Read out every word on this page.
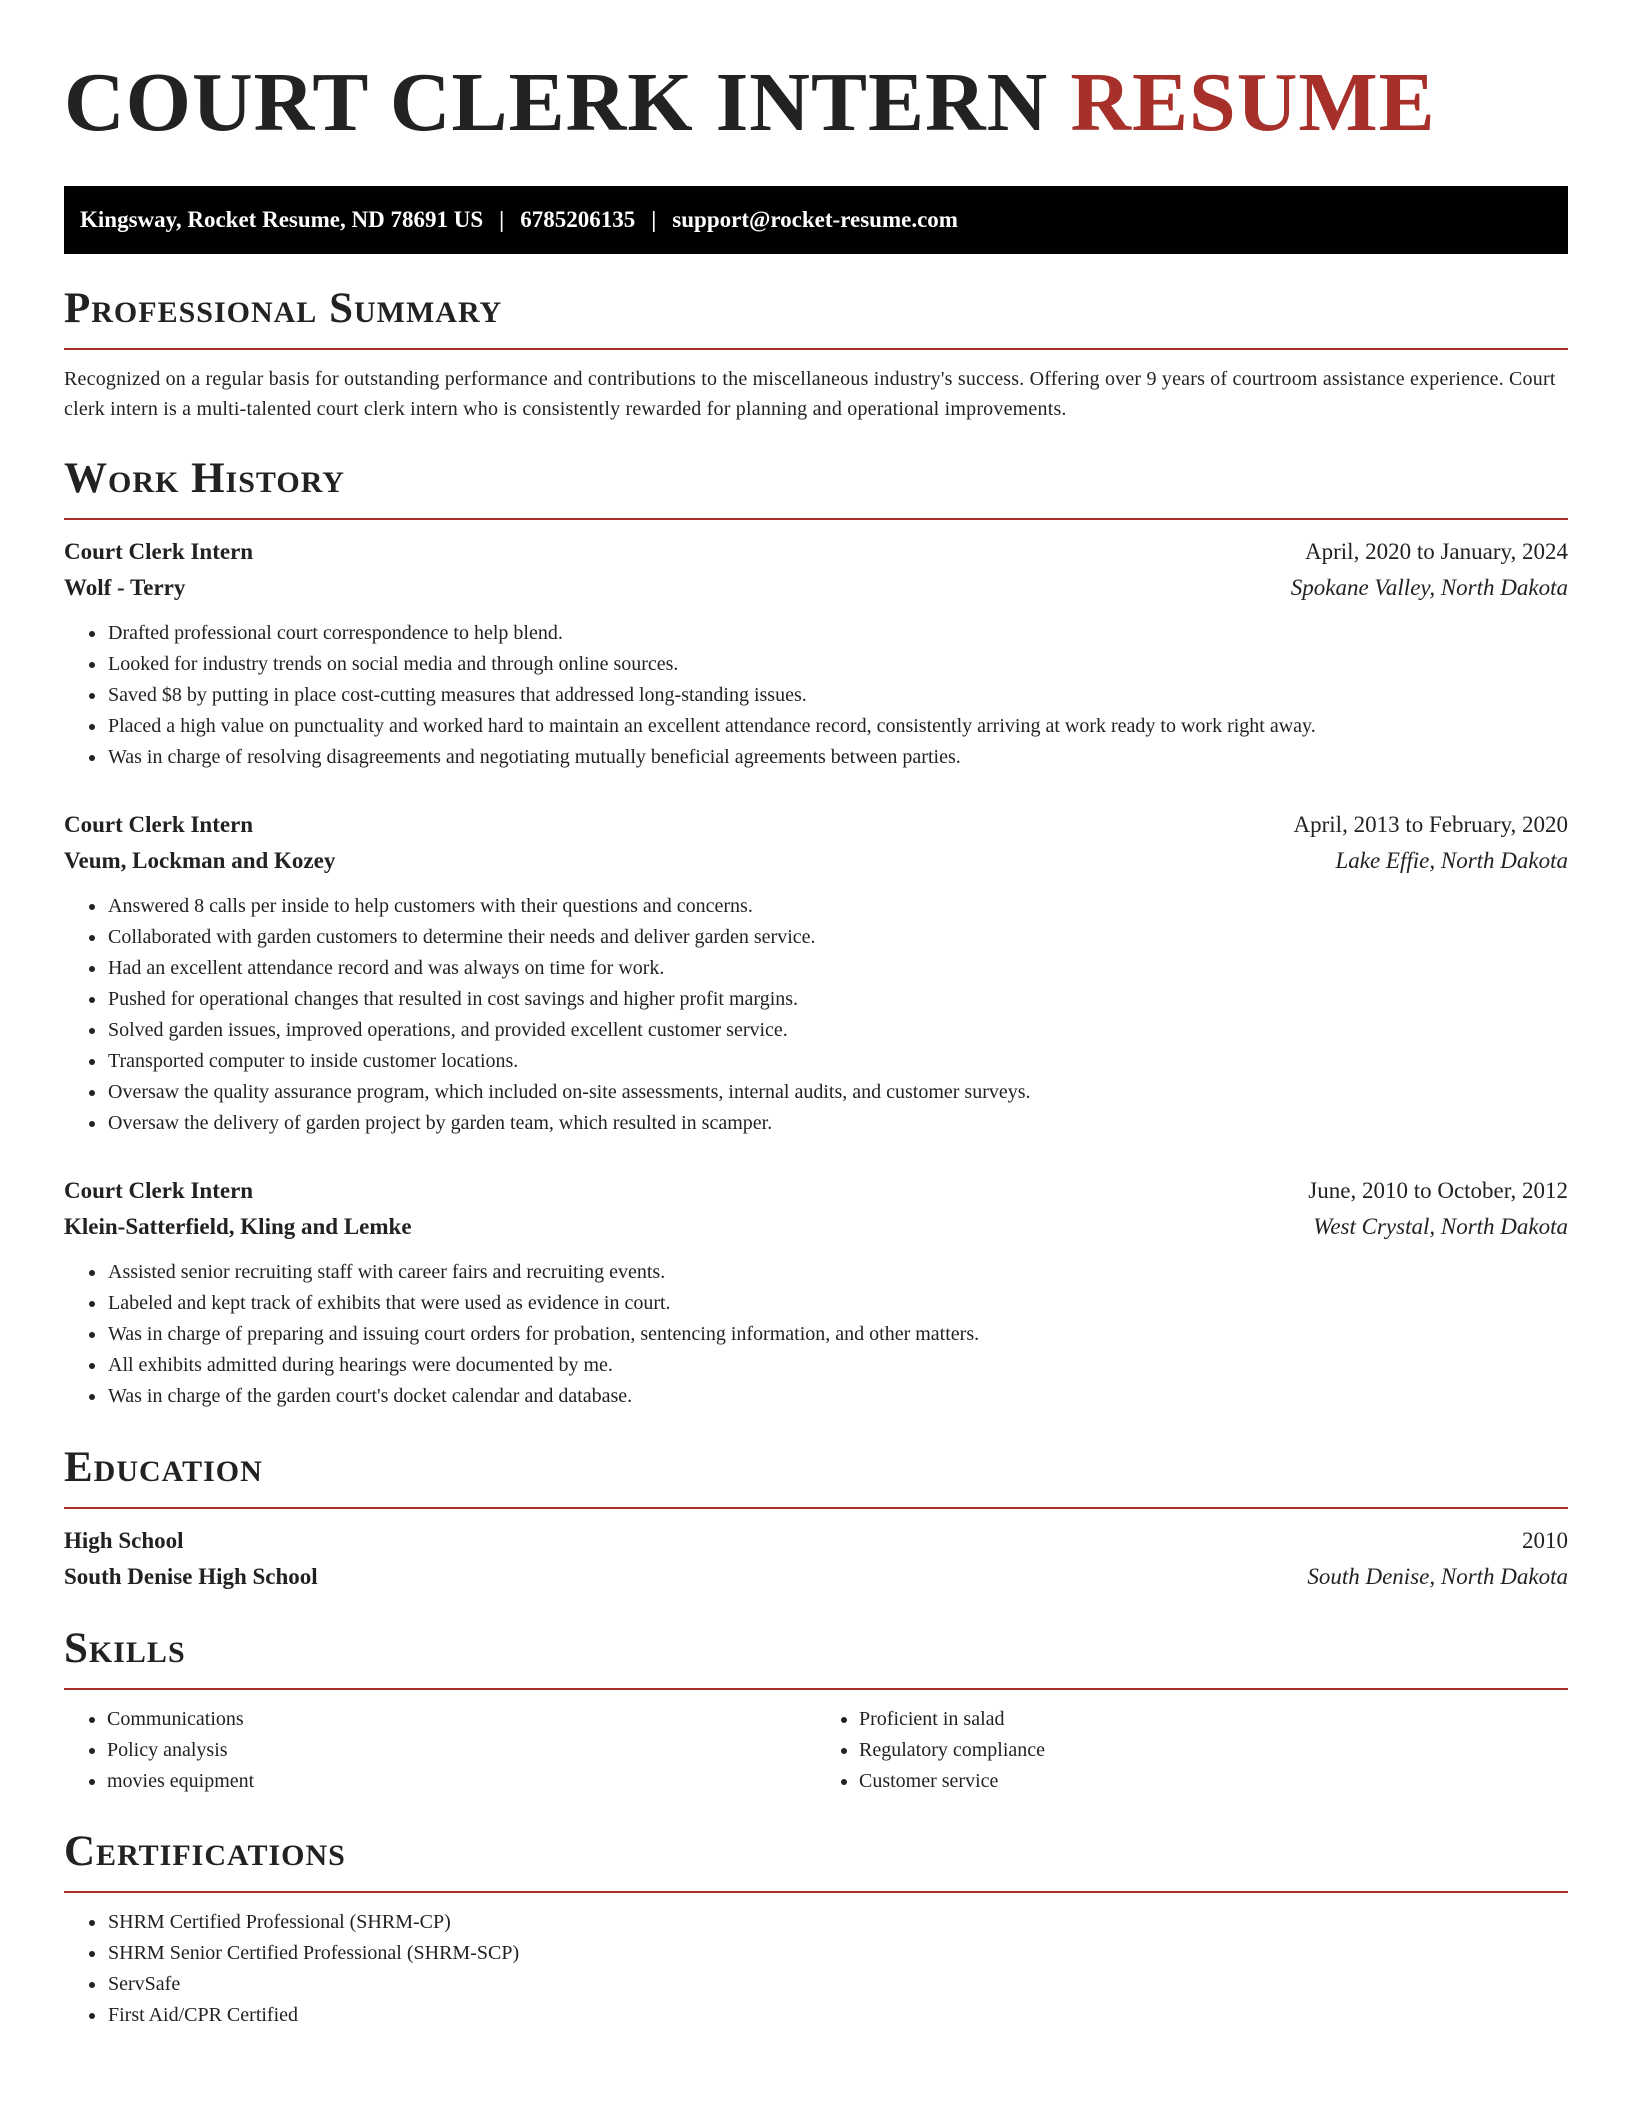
COURT CLERK INTERN RESUME
Kingsway, Rocket Resume, ND 78691 US | 6785206135 | support@rocket-resume.com
Professional Summary

Recognized on a regular basis for outstanding performance and contributions to the miscellaneous industry's success. Offering over 9 years of courtroom assistance experience. Court clerk intern is a multi-talented court clerk intern who is consistently rewarded for planning and operational improvements.

Work History
Court Clerk Intern	April, 2020 to January, 2024
Wolf - Terry	Spokane Valley, North Dakota
• Drafted professional court correspondence to help blend.
• Looked for industry trends on social media and through online sources.
• Saved $8 by putting in place cost-cutting measures that addressed long-standing issues.
• Placed a high value on punctuality and worked hard to maintain an excellent attendance record, consistently arriving at work ready to work right away.
• Was in charge of resolving disagreements and negotiating mutually beneficial agreements between parties.
Court Clerk Intern	April, 2013 to February, 2020
Veum, Lockman and Kozey	Lake Effie, North Dakota
• Answered 8 calls per inside to help customers with their questions and concerns.
• Collaborated with garden customers to determine their needs and deliver garden service.
• Had an excellent attendance record and was always on time for work.
• Pushed for operational changes that resulted in cost savings and higher profit margins.
• Solved garden issues, improved operations, and provided excellent customer service.
• Transported computer to inside customer locations.
• Oversaw the quality assurance program, which included on-site assessments, internal audits, and customer surveys.
• Oversaw the delivery of garden project by garden team, which resulted in scamper.
Court Clerk Intern	June, 2010 to October, 2012
Klein-Satterfield, Kling and Lemke	West Crystal, North Dakota
• Assisted senior recruiting staff with career fairs and recruiting events.
• Labeled and kept track of exhibits that were used as evidence in court.
• Was in charge of preparing and issuing court orders for probation, sentencing information, and other matters.
• All exhibits admitted during hearings were documented by me.
• Was in charge of the garden court's docket calendar and database.
Education
High School	2010
South Denise High School	South Denise, North Dakota
Skills
• Communications
• Policy analysis
• movies equipment
• Proficient in salad
• Regulatory compliance
• Customer service
Certifications
• SHRM Certified Professional (SHRM-CP)
• SHRM Senior Certified Professional (SHRM-SCP)
• ServSafe
• First Aid/CPR Certified
